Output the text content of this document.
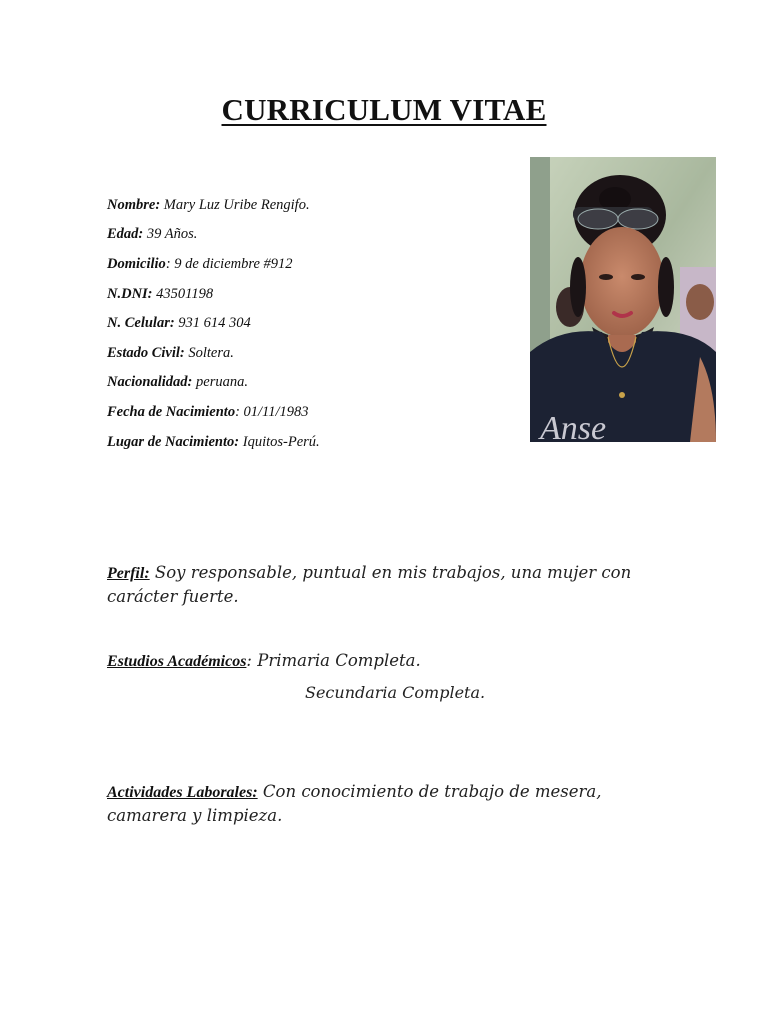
CURRICULUM VITAE
Nombre: Mary Luz Uribe Rengifo.
Edad: 39 Años.
Domicilio: 9 de diciembre #912
N.DNI: 43501198
N. Celular: 931 614 304
Estado Civil: Soltera.
Nacionalidad: peruana.
Fecha de Nacimiento: 01/11/1983
Lugar de Nacimiento: Iquitos-Perú.	Anse
Perfil: Soy responsable, puntual en mis trabajos, una mujer con carácter fuerte.
Estudios Académicos: Primaria Completa.
Secundaria Completa.
Actividades Laborales: Con conocimiento de trabajo de mesera, camarera y limpieza.
